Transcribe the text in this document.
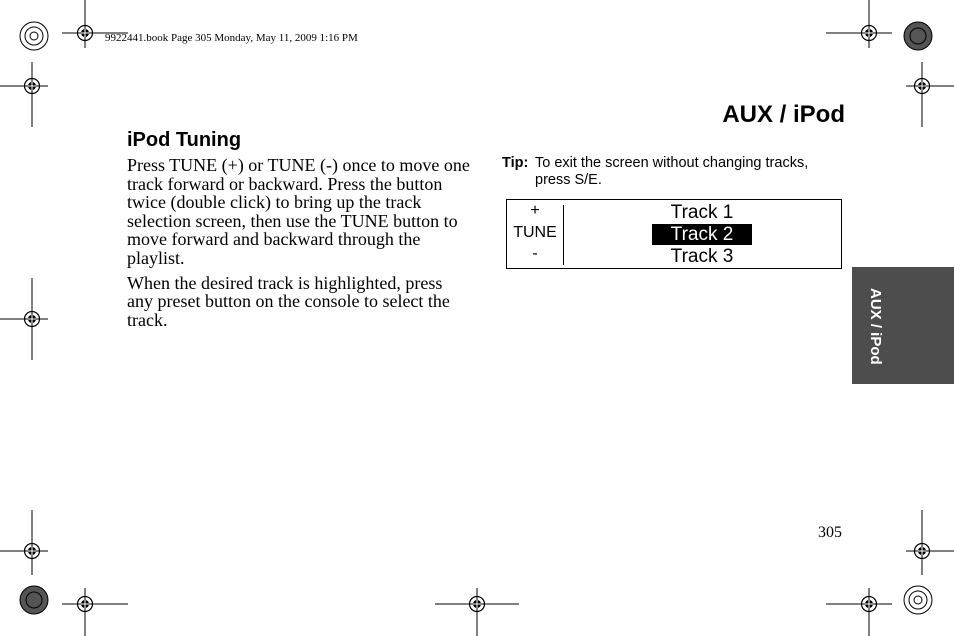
9922441.book Page 305 Monday, May 11, 2009 1:16 PM
AUX / iPod
iPod Tuning

Press TUNE (+) or TUNE (-) once to move one track forward or backward. Press the button twice (double click) to bring up the track selection screen, then use the TUNE button to move forward and backward through the playlist.

When the desired track is highlighted, press any preset button on the console to select the track.

Tip: To exit the screen without changing tracks, press S/E.
+
TUNE
-
Track 1
Track 2
Track 3
AUX / iPod
305
